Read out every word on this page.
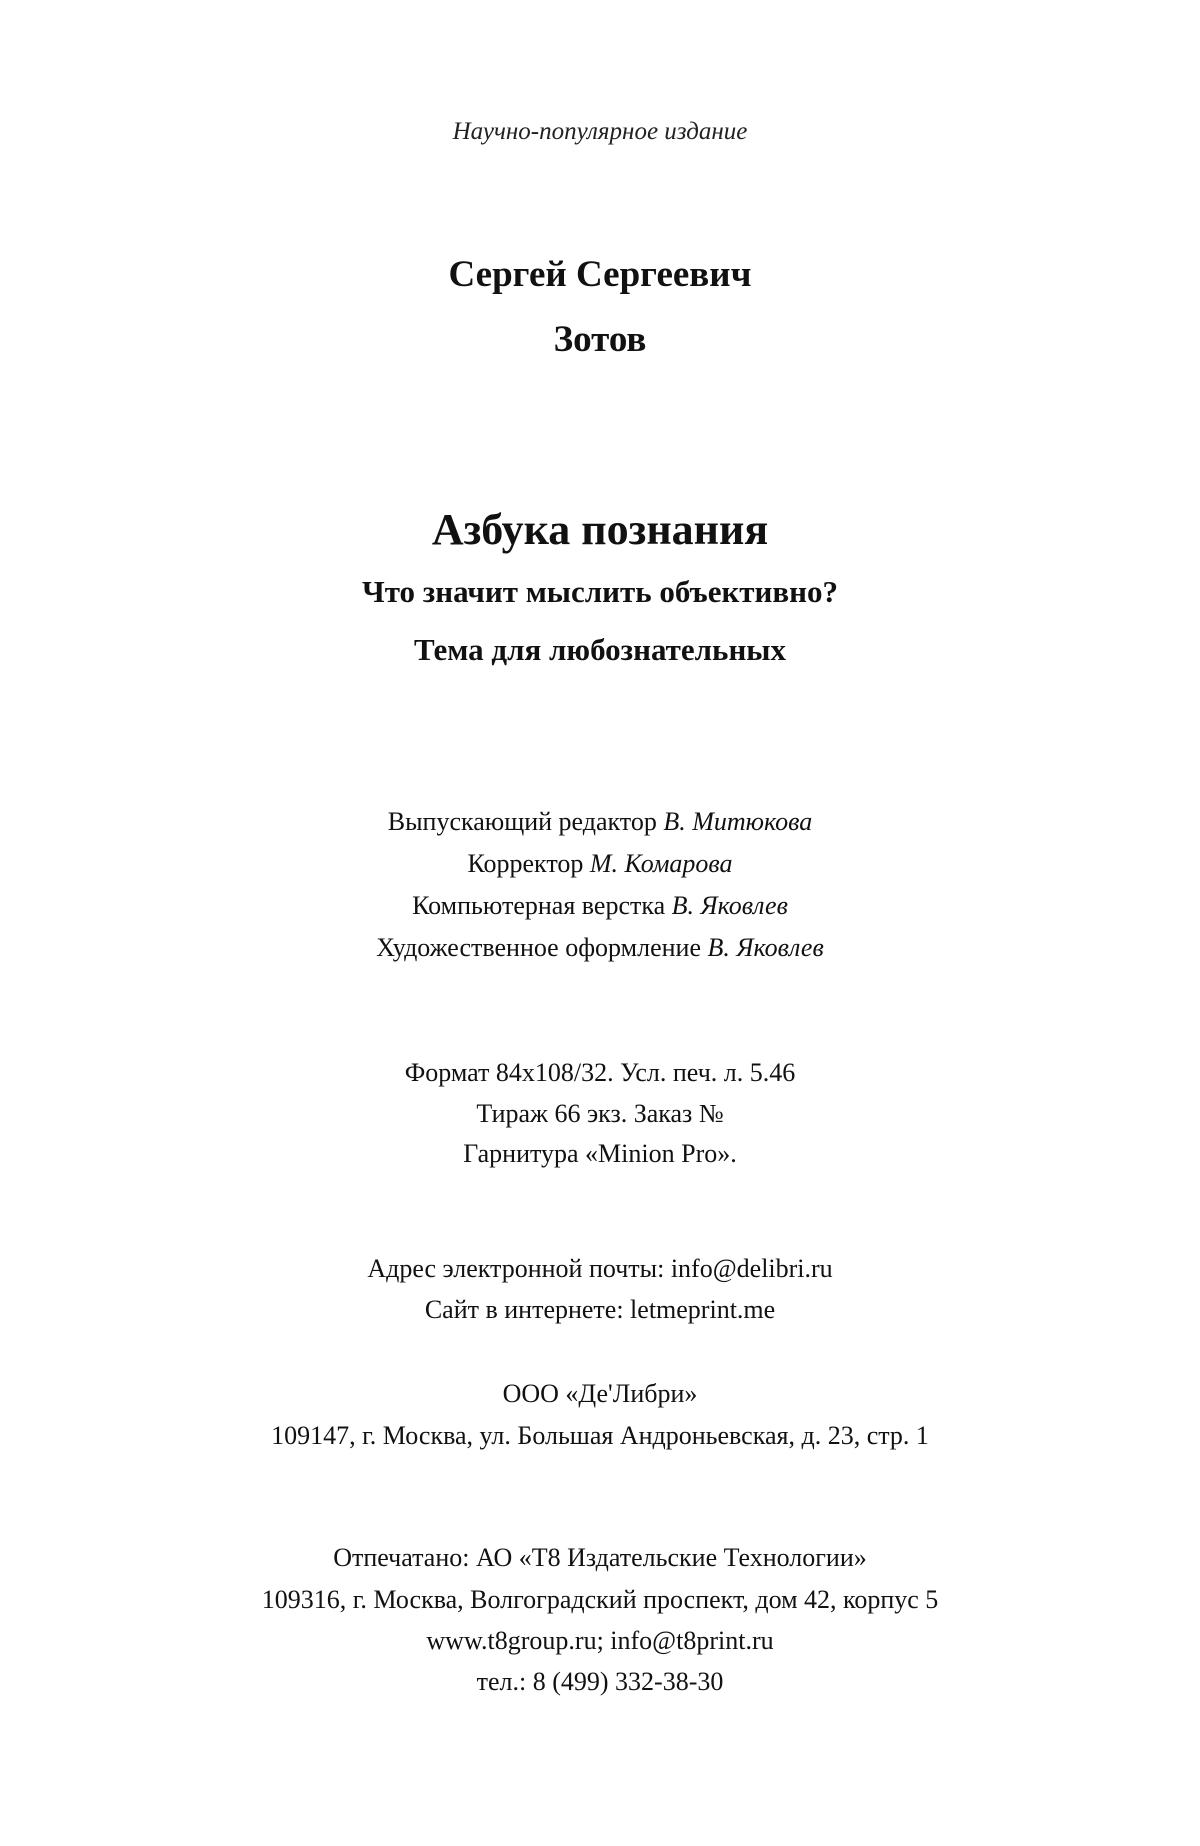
Научно-популярное издание
Сергей Сергеевич
Зотов
Азбука познания
Что значит мыслить объективно?
Тема для любознательных
Выпускающий редактор В. Митюкова
Корректор М. Комарова
Компьютерная верстка В. Яковлев
Художественное оформление В. Яковлев
Формат 84x108/32. Усл. печ. л. 5.46
Тираж 66 экз. Заказ №
Гарнитура «Minion Pro».
Адрес электронной почты: info@delibri.ru
Сайт в интернете: letmeprint.me
ООО «Де'Либри»
109147, г. Москва, ул. Большая Андроньевская, д. 23, стр. 1
Отпечатано: АО «Т8 Издательские Технологии»
109316, г. Москва, Волгоградский проспект, дом 42, корпус 5
www.t8group.ru; info@t8print.ru
тел.: 8 (499) 332-38-30
